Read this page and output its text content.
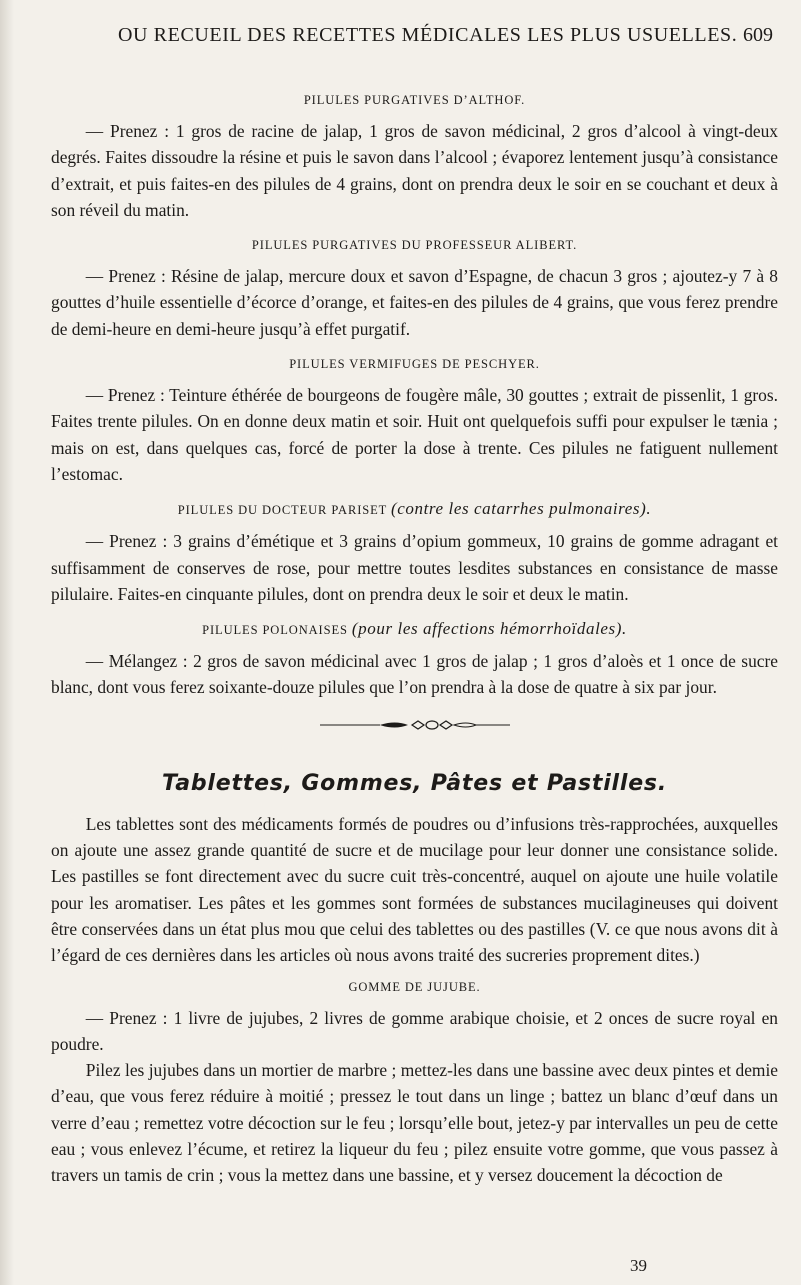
OU RECUEIL DES RECETTES MÉDICALES LES PLUS USUELLES. 609
PILULES PURGATIVES D’ALTHOF.

— Prenez : 1 gros de racine de jalap, 1 gros de savon médicinal, 2 gros d’alcool à vingt-deux degrés. Faites dissoudre la résine et puis le savon dans l’alcool ; évaporez lentement jusqu’à consistance d’extrait, et puis faites-en des pilules de 4 grains, dont on prendra deux le soir en se couchant et deux à son réveil du matin.

PILULES PURGATIVES DU PROFESSEUR ALIBERT.

— Prenez : Résine de jalap, mercure doux et savon d’Espagne, de chacun 3 gros ; ajoutez-y 7 à 8 gouttes d’huile essentielle d’écorce d’orange, et faites-en des pilules de 4 grains, que vous ferez prendre de demi-heure en demi-heure jusqu’à effet purgatif.

PILULES VERMIFUGES DE PESCHYER.

— Prenez : Teinture éthérée de bourgeons de fougère mâle, 30 gouttes ; extrait de pissenlit, 1 gros. Faites trente pilules. On en donne deux matin et soir. Huit ont quelquefois suffi pour expulser le tænia ; mais on est, dans quelques cas, forcé de porter la dose à trente. Ces pilules ne fatiguent nullement l’estomac.

PILULES DU DOCTEUR PARISET (contre les catarrhes pulmonaires).

— Prenez : 3 grains d’émétique et 3 grains d’opium gommeux, 10 grains de gomme adragant et suffisamment de conserves de rose, pour mettre toutes lesdites substances en consistance de masse pilulaire. Faites-en cinquante pilules, dont on prendra deux le soir et deux le matin.

PILULES POLONAISES (pour les affections hémorrhoïdales).

— Mélangez : 2 gros de savon médicinal avec 1 gros de jalap ; 1 gros d’aloès et 1 once de sucre blanc, dont vous ferez soixante-douze pilules que l’on prendra à la dose de quatre à six par jour.

Tablettes, Gommes, Pâtes et Pastilles.

Les tablettes sont des médicaments formés de poudres ou d’infusions très-rapprochées, auxquelles on ajoute une assez grande quantité de sucre et de mucilage pour leur donner une consistance solide. Les pastilles se font directement avec du sucre cuit très-concentré, auquel on ajoute une huile volatile pour les aromatiser. Les pâtes et les gommes sont formées de substances mucilagineuses qui doivent être conservées dans un état plus mou que celui des tablettes ou des pastilles (V. ce que nous avons dit à l’égard de ces dernières dans les articles où nous avons traité des sucreries proprement dites.)

GOMME DE JUJUBE.

— Prenez : 1 livre de jujubes, 2 livres de gomme arabique choisie, et 2 onces de sucre royal en poudre.

Pilez les jujubes dans un mortier de marbre ; mettez-les dans une bassine avec deux pintes et demie d’eau, que vous ferez réduire à moitié ; pressez le tout dans un linge ; battez un blanc d’œuf dans un verre d’eau ; remettez votre décoction sur le feu ; lorsqu’elle bout, jetez-y par intervalles un peu de cette eau ; vous enlevez l’écume, et retirez la liqueur du feu ; pilez ensuite votre gomme, que vous passez à travers un tamis de crin ; vous la mettez dans une bassine, et y versez doucement la décoction de

39
